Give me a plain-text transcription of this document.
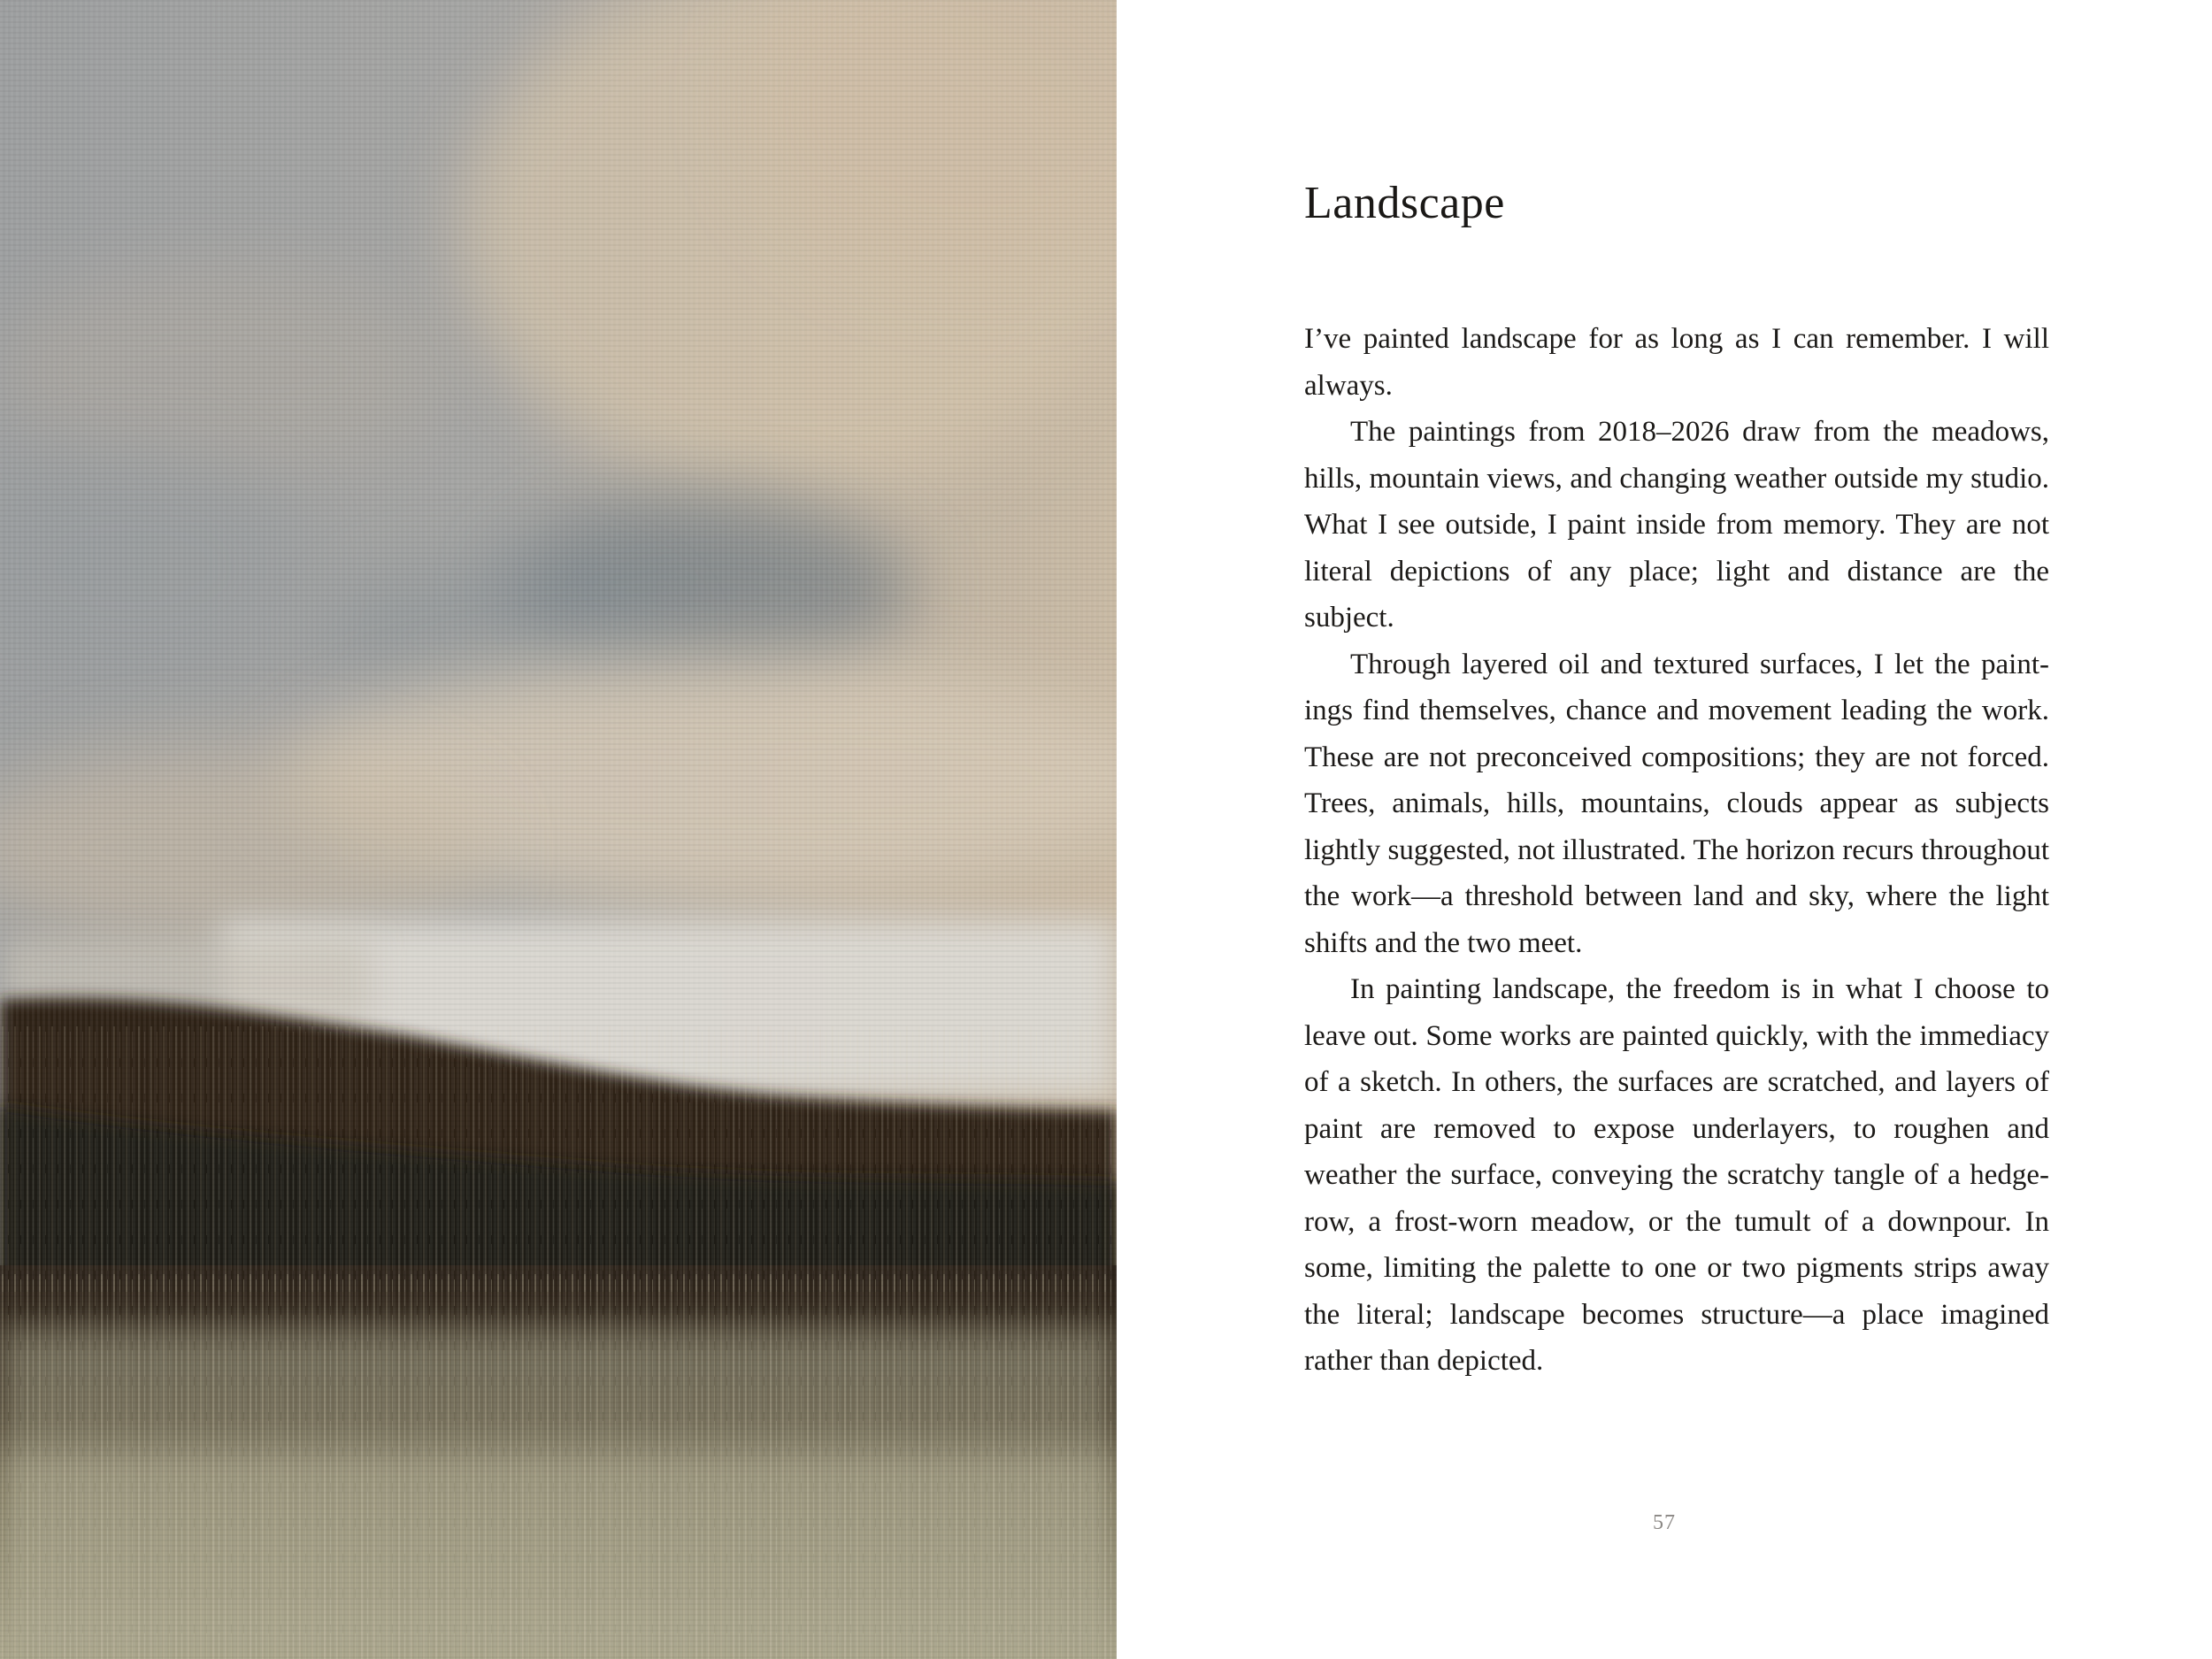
Landscape

I’ve painted landscape for as long as I can remember. I will always.

The paintings from 2018–2026 draw from the meadows, hills, mountain views, and changing weather outside my studio. What I see outside, I paint inside from memory. They are not literal depictions of any place; light and distance are the subject.

Through layered oil and textured surfaces, I let the paintings find themselves, chance and movement leading the work. These are not preconceived compositions; they are not forced. Trees, animals, hills, mountains, clouds appear as subjects lightly suggested, not illustrated. The horizon recurs throughout the work—a threshold between land and sky, where the light shifts and the two meet.

In painting landscape, the freedom is in what I choose to leave out. Some works are painted quickly, with the immediacy of a sketch. In others, the surfaces are scratched, and layers of paint are removed to expose underlayers, to roughen and weather the surface, conveying the scratchy tangle of a hedgerow, a frost-worn meadow, or the tumult of a downpour. In some, limiting the palette to one or two pigments strips away the literal; landscape becomes structure—a place imagined rather than depicted.

57
